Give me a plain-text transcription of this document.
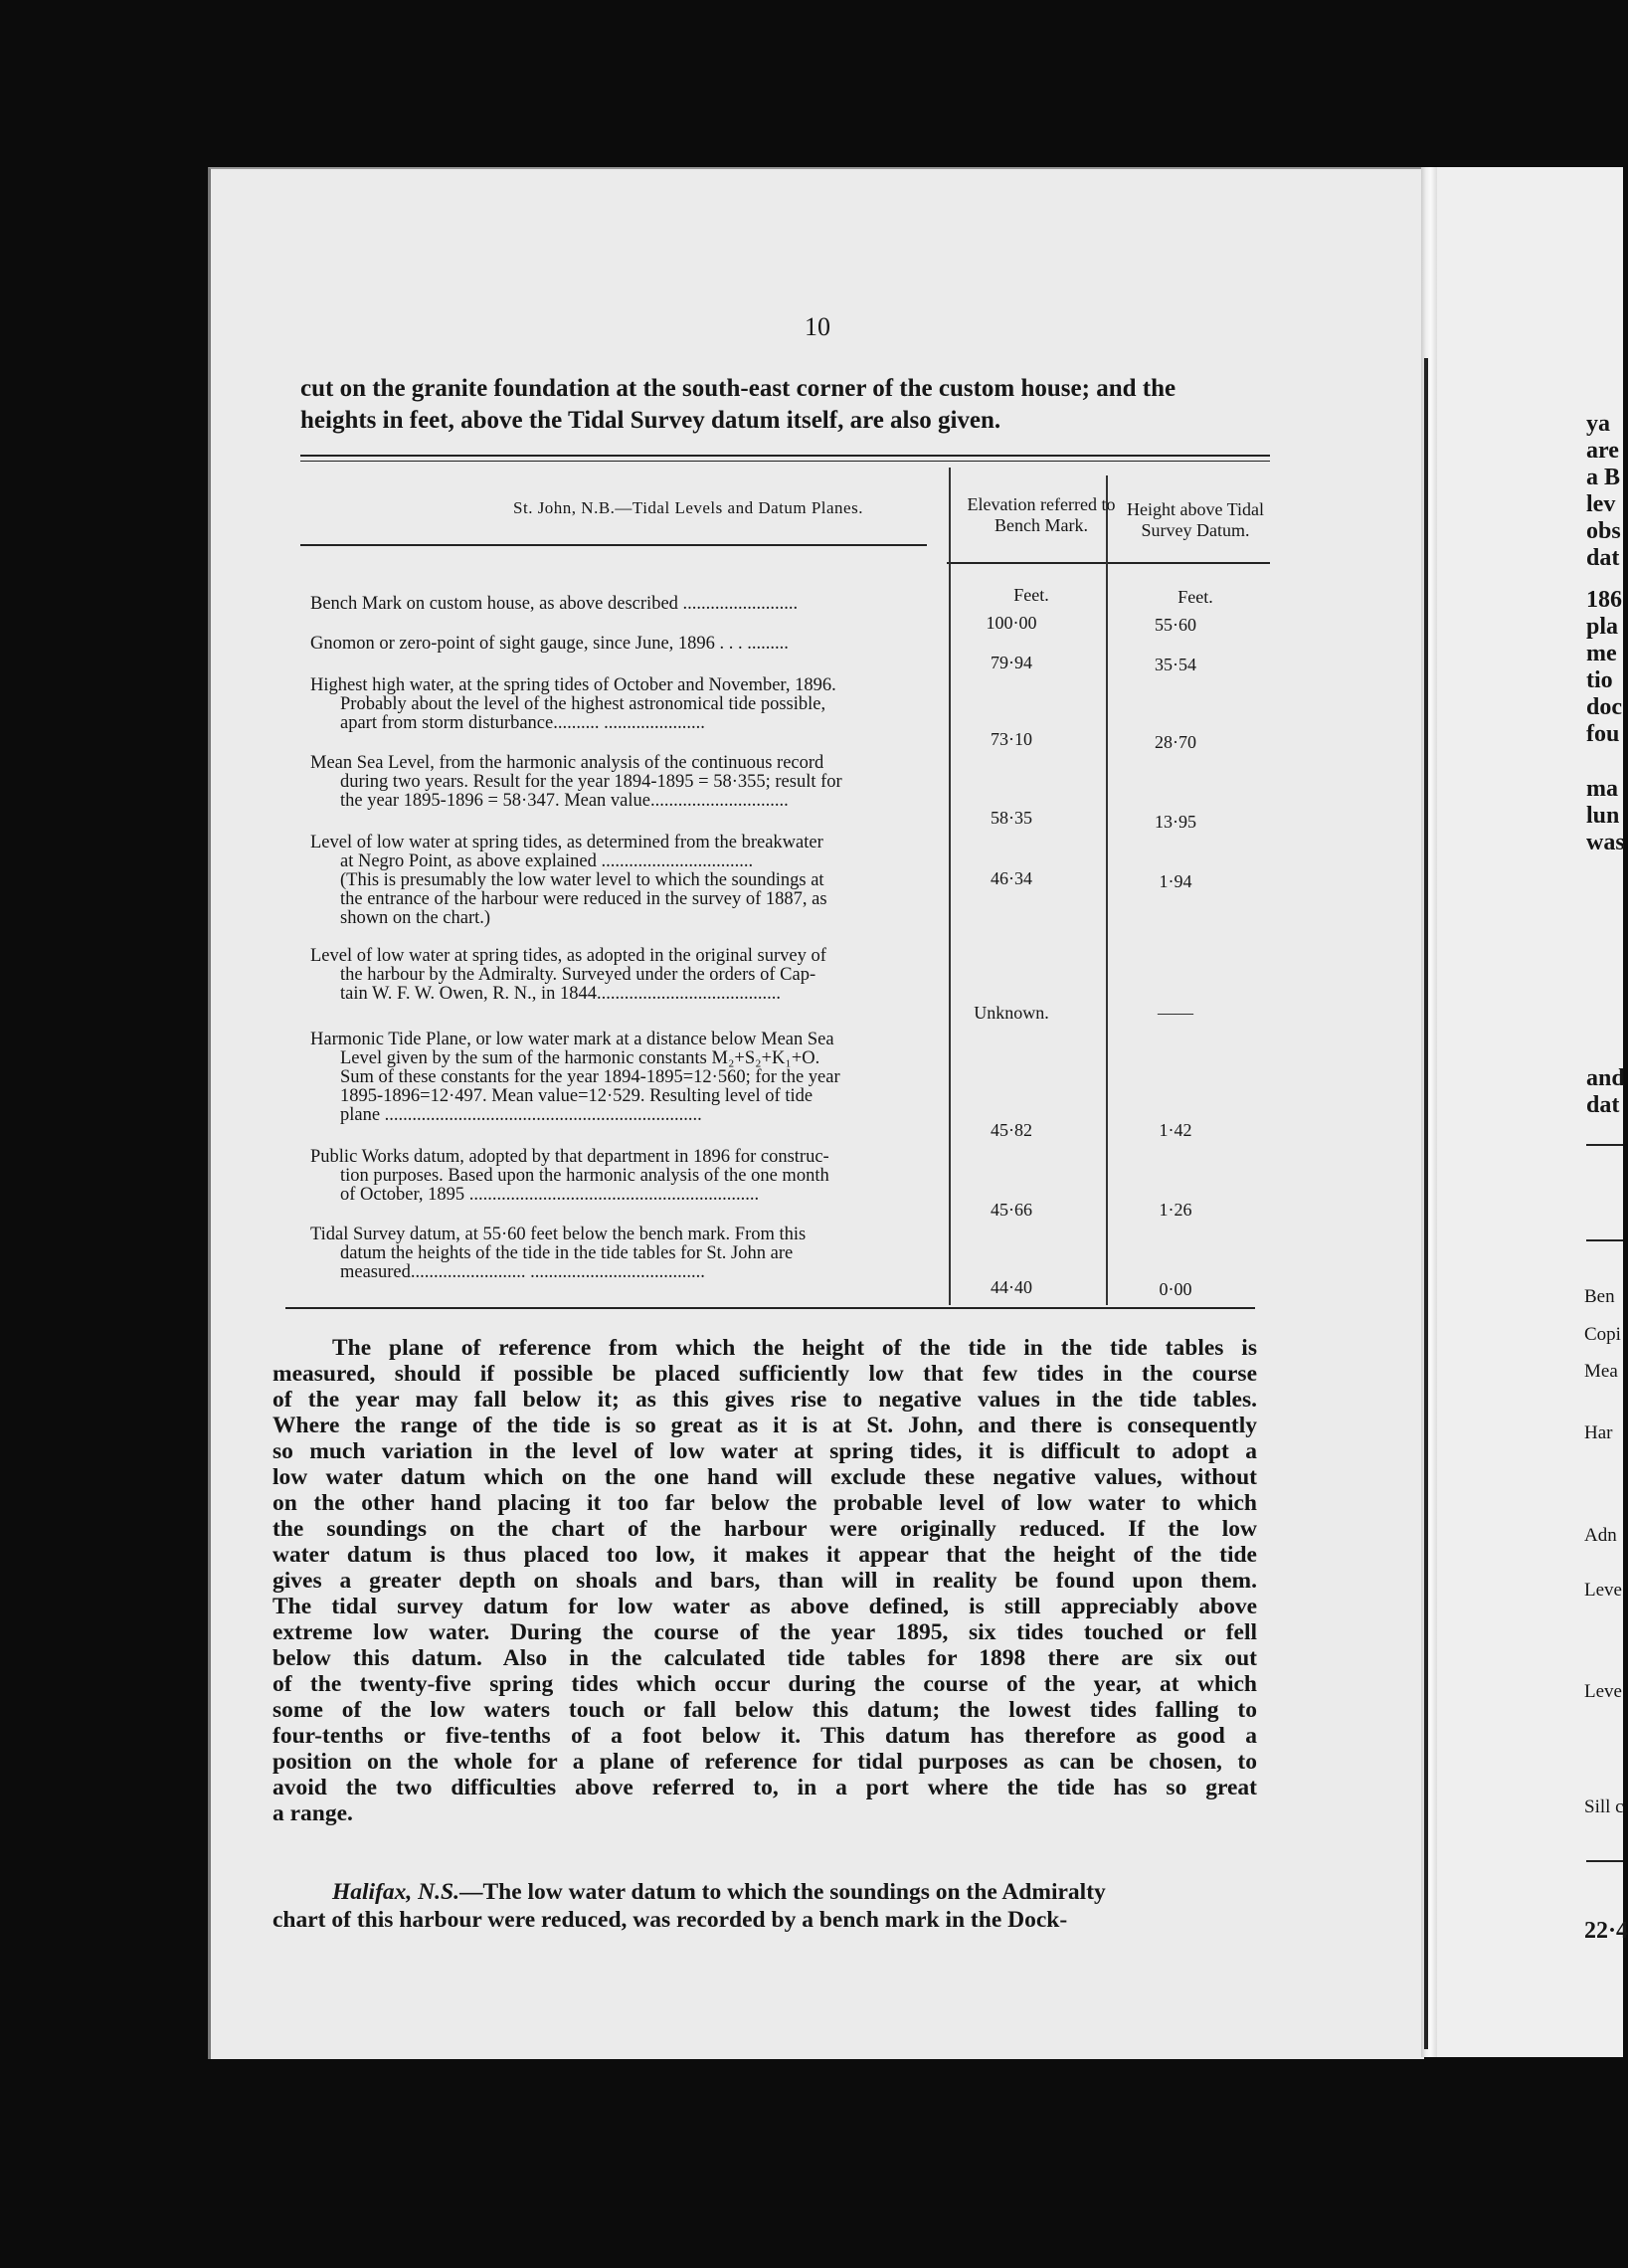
10
cut on the granite foundation at the south-east corner of the custom house; and the
heights in feet, above the Tidal Survey datum itself, are also given.
St. John, N.B.—Tidal Levels and Datum Planes.	Elevation referred to Bench Mark.
Height above Tidal Survey Datum.
Feet.	Feet.
Bench Mark on custom house, as above described .........................
100·00	55·60
Gnomon or zero-point of sight gauge, since June, 1896 . . . .........
79·94	35·54
Highest high water, at the spring tides of October and November, 1896.
Probably about the level of the highest astronomical tide possible,
apart from storm disturbance.......... ......................
73·10	28·70
Mean Sea Level, from the harmonic analysis of the continuous record
during two years. Result for the year 1894-1895 = 58·355; result for
the year 1895-1896 = 58·347. Mean value..............................
58·35	13·95
Level of low water at spring tides, as determined from the breakwater
at Negro Point, as above explained .................................
(This is presumably the low water level to which the soundings at
the entrance of the harbour were reduced in the survey of 1887, as
shown on the chart.)
46·34	1·94
Level of low water at spring tides, as adopted in the original survey of
the harbour by the Admiralty. Surveyed under the orders of Cap-
tain W. F. W. Owen, R. N., in 1844........................................
Unknown.	——
Harmonic Tide Plane, or low water mark at a distance below Mean Sea
Level given by the sum of the harmonic constants M₂+S₂+K₁+O.
Sum of these constants for the year 1894-1895=12·560; for the year
1895-1896=12·497. Mean value=12·529. Resulting level of tide
plane .....................................................................
45·82	1·42
Public Works datum, adopted by that department in 1896 for construc-
tion purposes. Based upon the harmonic analysis of the one month
of October, 1895 ...............................................................
45·66	1·26
Tidal Survey datum, at 55·60 feet below the bench mark. From this
datum the heights of the tide in the tide tables for St. John are
measured......................... ......................................
44·40	0·00
The plane of reference from which the height of the tide in the tide tables is
measured, should if possible be placed sufficiently low that few tides in the course
of the year may fall below it; as this gives rise to negative values in the tide tables.
Where the range of the tide is so great as it is at St. John, and there is consequently
so much variation in the level of low water at spring tides, it is difficult to adopt a
low water datum which on the one hand will exclude these negative values, without
on the other hand placing it too far below the probable level of low water to which
the soundings on the chart of the harbour were originally reduced. If the low
water datum is thus placed too low, it makes it appear that the height of the tide
gives a greater depth on shoals and bars, than will in reality be found upon them.
The tidal survey datum for low water as above defined, is still appreciably above
extreme low water. During the course of the year 1895, six tides touched or fell
below this datum. Also in the calculated tide tables for 1898 there are six out
of the twenty-five spring tides which occur during the course of the year, at which
some of the low waters touch or fall below this datum; the lowest tides falling to
four-tenths or five-tenths of a foot below it. This datum has therefore as good a
position on the whole for a plane of reference for tidal purposes as can be chosen, to
avoid the two difficulties above referred to, in a port where the tide has so great
a range.
Halifax, N.S.—The low water datum to which the soundings on the Admiralty
chart of this harbour were reduced, was recorded by a bench mark in the Dock-
ya
are
a B
lev
obs
dat
186
pla
me
tio
doc
fou
ma
lun
was
and
dat
Ben
Copi
Mea
Har
Adn
Leve
Leve
Sill c
22·4
